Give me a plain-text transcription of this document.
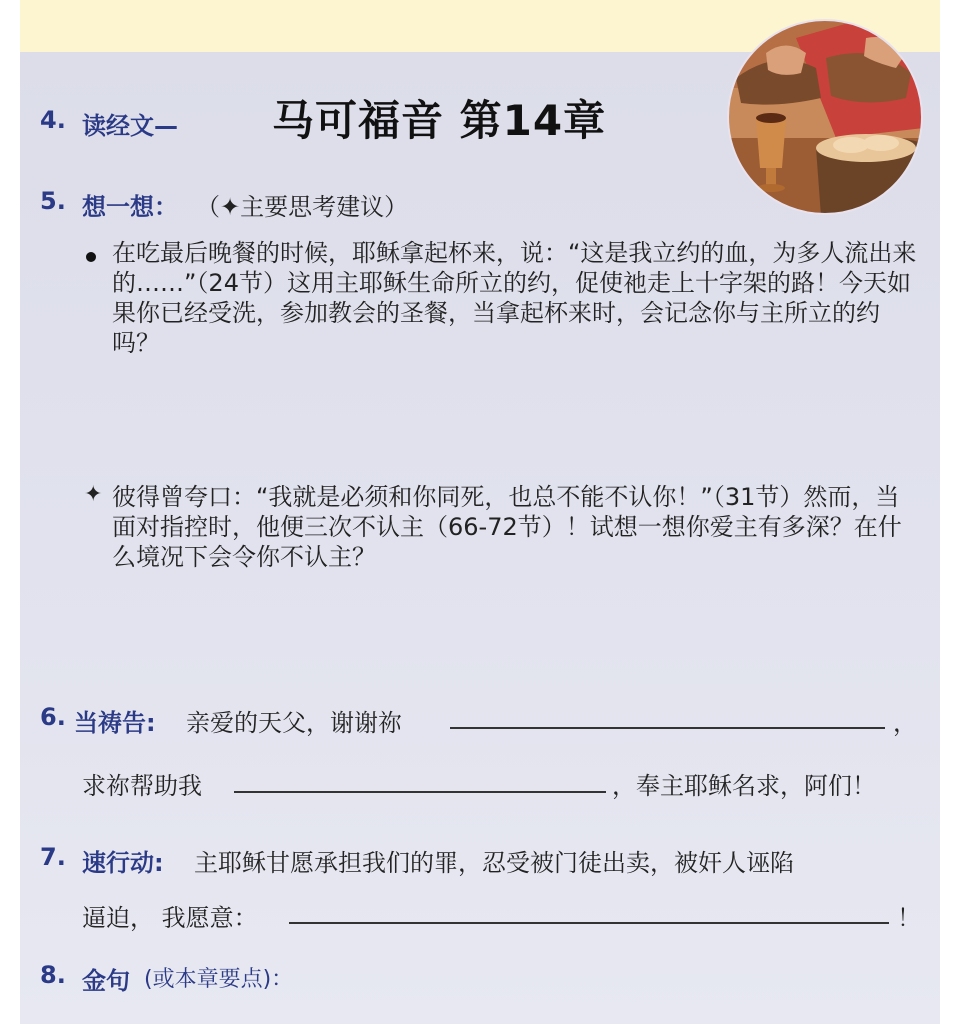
4. 读经文— 马可福音 第14章
5. 想一想： （✦主要思考建议）
在吃最后晚餐的时候，耶稣拿起杯来，说：“这是我立约的血，为多人流出来的……”（24节）这用主耶稣生命所立的约，促使祂走上十字架的路！今天如果你已经受洗，参加教会的圣餐，当拿起杯来时，会记念你与主所立的约吗？
✦ 彼得曾夸口：“我就是必须和你同死，也总不能不认你！”（31节）然而，当面对指控时，他便三次不认主（66-72节）！试想一想你爱主有多深？在什么境况下会令你不认主？
6. 当祷告: 亲爱的天父，谢谢祢	，
求祢帮助我	，奉主耶稣名求，阿们！
7. 速行动: 主耶稣甘愿承担我们的罪，忍受被门徒出卖，被奸人诬陷
逼迫， 我愿意：	！
8. 金句 (或本章要点)：
